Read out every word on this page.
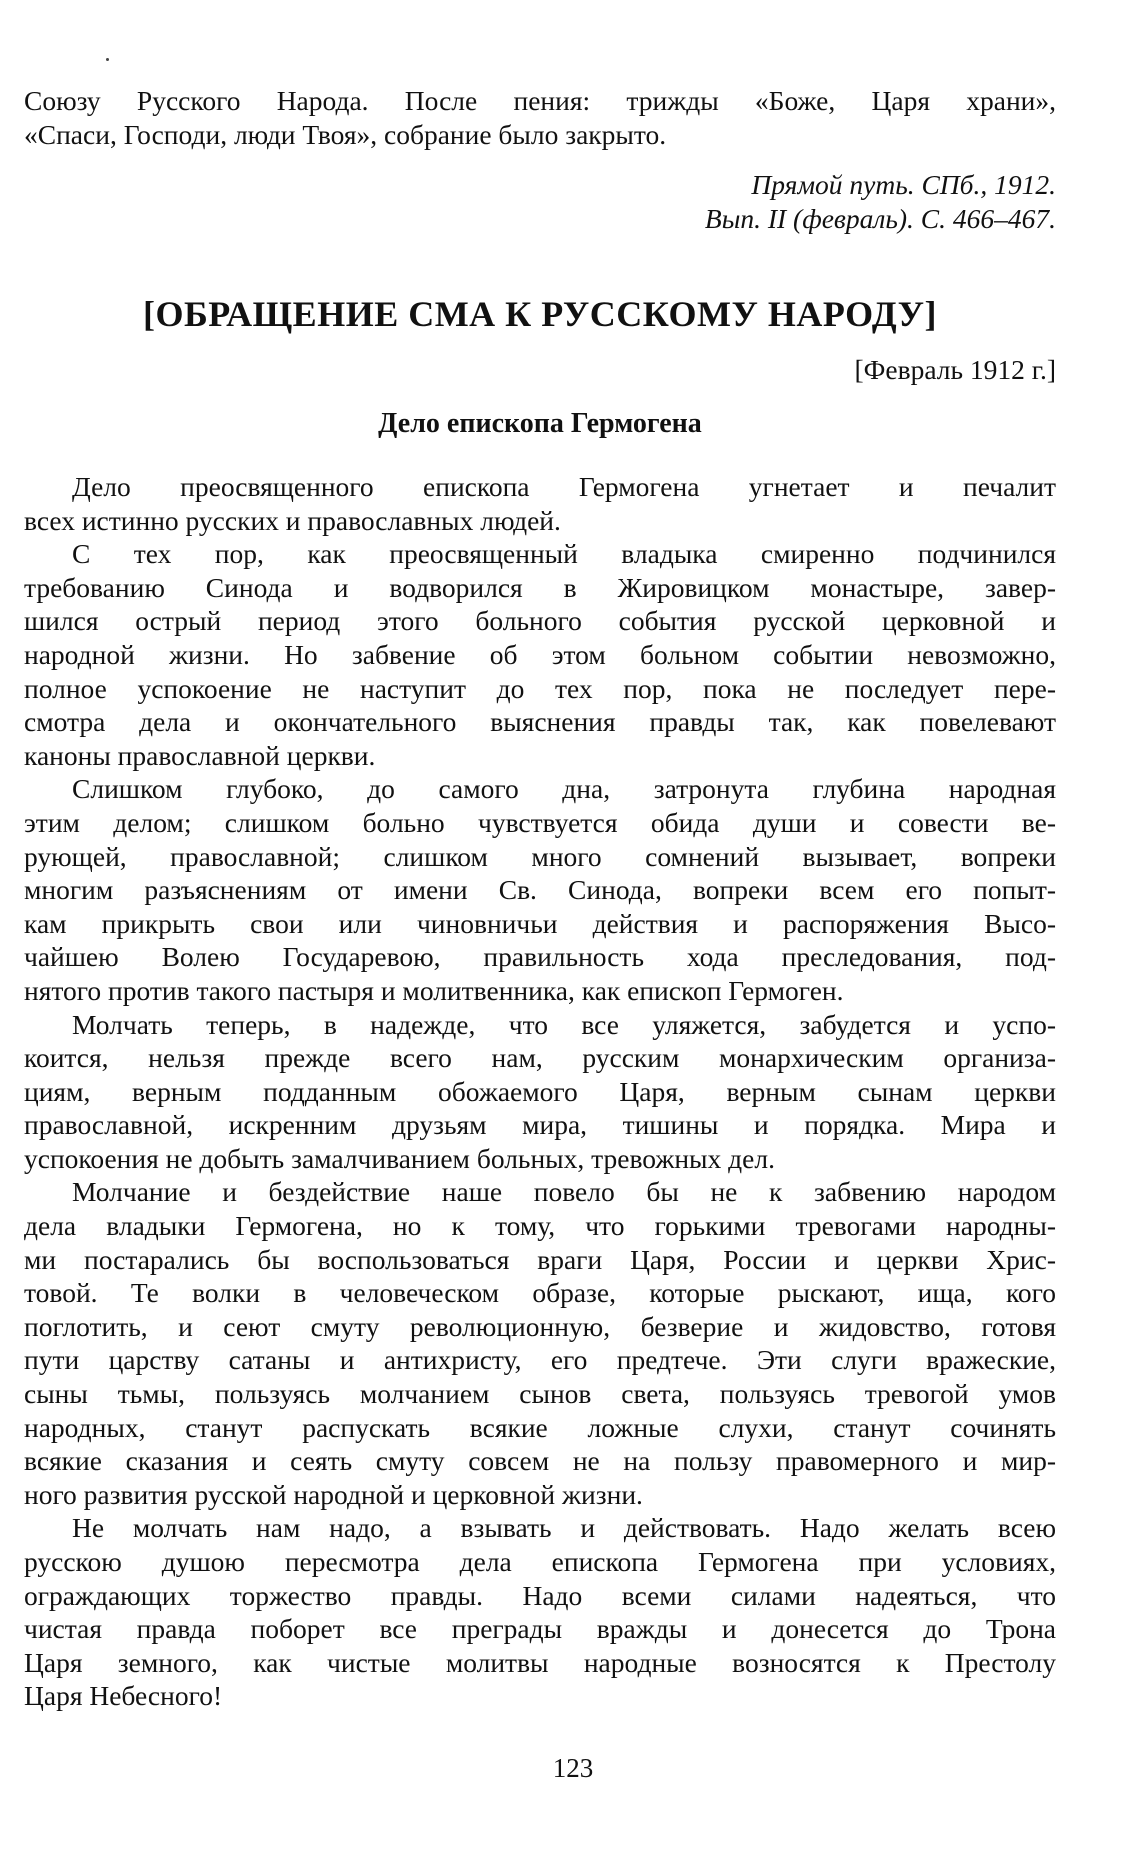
Союзу Русского Народа. После пения: трижды «Боже, Царя храни»,
«Спаси, Господи, люди Твоя», собрание было закрыто.
Прямой путь. СПб., 1912.
Вып. II (февраль). С. 466–467.
[ОБРАЩЕНИЕ СМА К РУССКОМУ НАРОДУ]
[Февраль 1912 г.]
Дело епископа Гермогена
Дело преосвященного епископа Гермогена угнетает и печалит
всех истинно русских и православных людей.
С тех пор, как преосвященный владыка смиренно подчинился
требованию Синода и водворился в Жировицком монастыре, завер-
шился острый период этого больного события русской церковной и
народной жизни. Но забвение об этом больном событии невозможно,
полное успокоение не наступит до тех пор, пока не последует пере-
смотра дела и окончательного выяснения правды так, как повелевают
каноны православной церкви.
Слишком глубоко, до самого дна, затронута глубина народная
этим делом; слишком больно чувствуется обида души и совести ве-
рующей, православной; слишком много сомнений вызывает, вопреки
многим разъяснениям от имени Св. Синода, вопреки всем его попыт-
кам прикрыть свои или чиновничьи действия и распоряжения Высо-
чайшею Волею Государевою, правильность хода преследования, под-
нятого против такого пастыря и молитвенника, как епископ Гермоген.
Молчать теперь, в надежде, что все уляжется, забудется и успо-
коится, нельзя прежде всего нам, русским монархическим организа-
циям, верным подданным обожаемого Царя, верным сынам церкви
православной, искренним друзьям мира, тишины и порядка. Мира и
успокоения не добыть замалчиванием больных, тревожных дел.
Молчание и бездействие наше повело бы не к забвению народом
дела владыки Гермогена, но к тому, что горькими тревогами народны-
ми постарались бы воспользоваться враги Царя, России и церкви Хрис-
товой. Те волки в человеческом образе, которые рыскают, ища, кого
поглотить, и сеют смуту революционную, безверие и жидовство, готовя
пути царству сатаны и антихристу, его предтече. Эти слуги вражеские,
сыны тьмы, пользуясь молчанием сынов света, пользуясь тревогой умов
народных, станут распускать всякие ложные слухи, станут сочинять
всякие сказания и сеять смуту совсем не на пользу правомерного и мир-
ного развития русской народной и церковной жизни.
Не молчать нам надо, а взывать и действовать. Надо желать всею
русскою душою пересмотра дела епископа Гермогена при условиях,
ограждающих торжество правды. Надо всеми силами надеяться, что
чистая правда поборет все преграды вражды и донесется до Трона
Царя земного, как чистые молитвы народные возносятся к Престолу
Царя Небесного!
123
